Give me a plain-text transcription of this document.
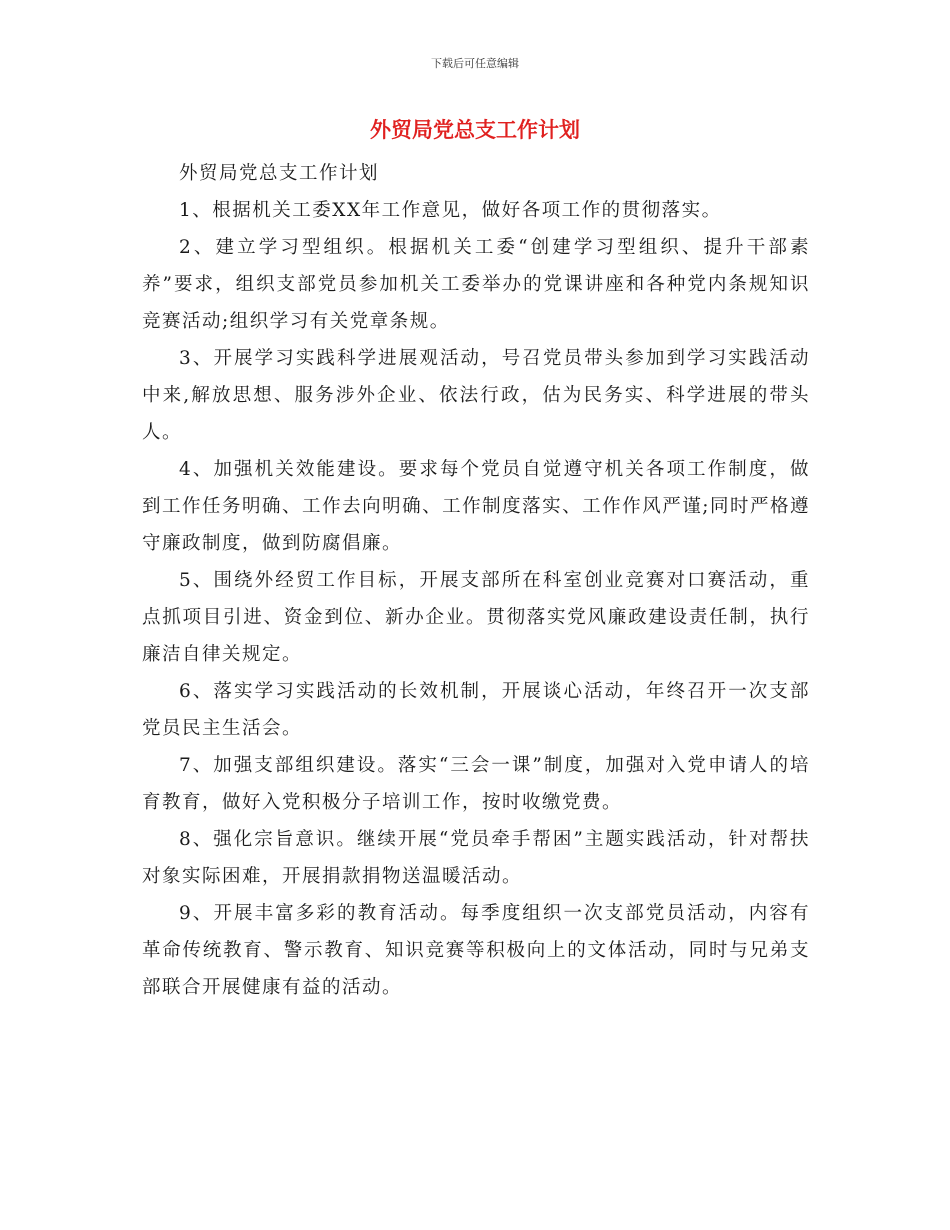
下载后可任意编辑
外贸局党总支工作计划

外贸局党总支工作计划

1、根据机关工委XX年工作意见，做好各项工作的贯彻落实。

2、建立学习型组织。根据机关工委“创建学习型组织、提升干部素养”要求，组织支部党员参加机关工委举办的党课讲座和各种党内条规知识竞赛活动;组织学习有关党章条规。

3、开展学习实践科学进展观活动，号召党员带头参加到学习实践活动中来,解放思想、服务涉外企业、依法行政，估为民务实、科学进展的带头人。

4、加强机关效能建设。要求每个党员自觉遵守机关各项工作制度，做到工作任务明确、工作去向明确、工作制度落实、工作作风严谨;同时严格遵守廉政制度，做到防腐倡廉。

5、围绕外经贸工作目标，开展支部所在科室创业竞赛对口赛活动，重点抓项目引进、资金到位、新办企业。贯彻落实党风廉政建设责任制，执行廉洁自律关规定。

6、落实学习实践活动的长效机制，开展谈心活动，年终召开一次支部党员民主生活会。

7、加强支部组织建设。落实“三会一课”制度，加强对入党申请人的培育教育，做好入党积极分子培训工作，按时收缴党费。

8、强化宗旨意识。继续开展“党员牵手帮困”主题实践活动，针对帮扶对象实际困难，开展捐款捐物送温暖活动。

9、开展丰富多彩的教育活动。每季度组织一次支部党员活动，内容有革命传统教育、警示教育、知识竞赛等积极向上的文体活动，同时与兄弟支部联合开展健康有益的活动。
